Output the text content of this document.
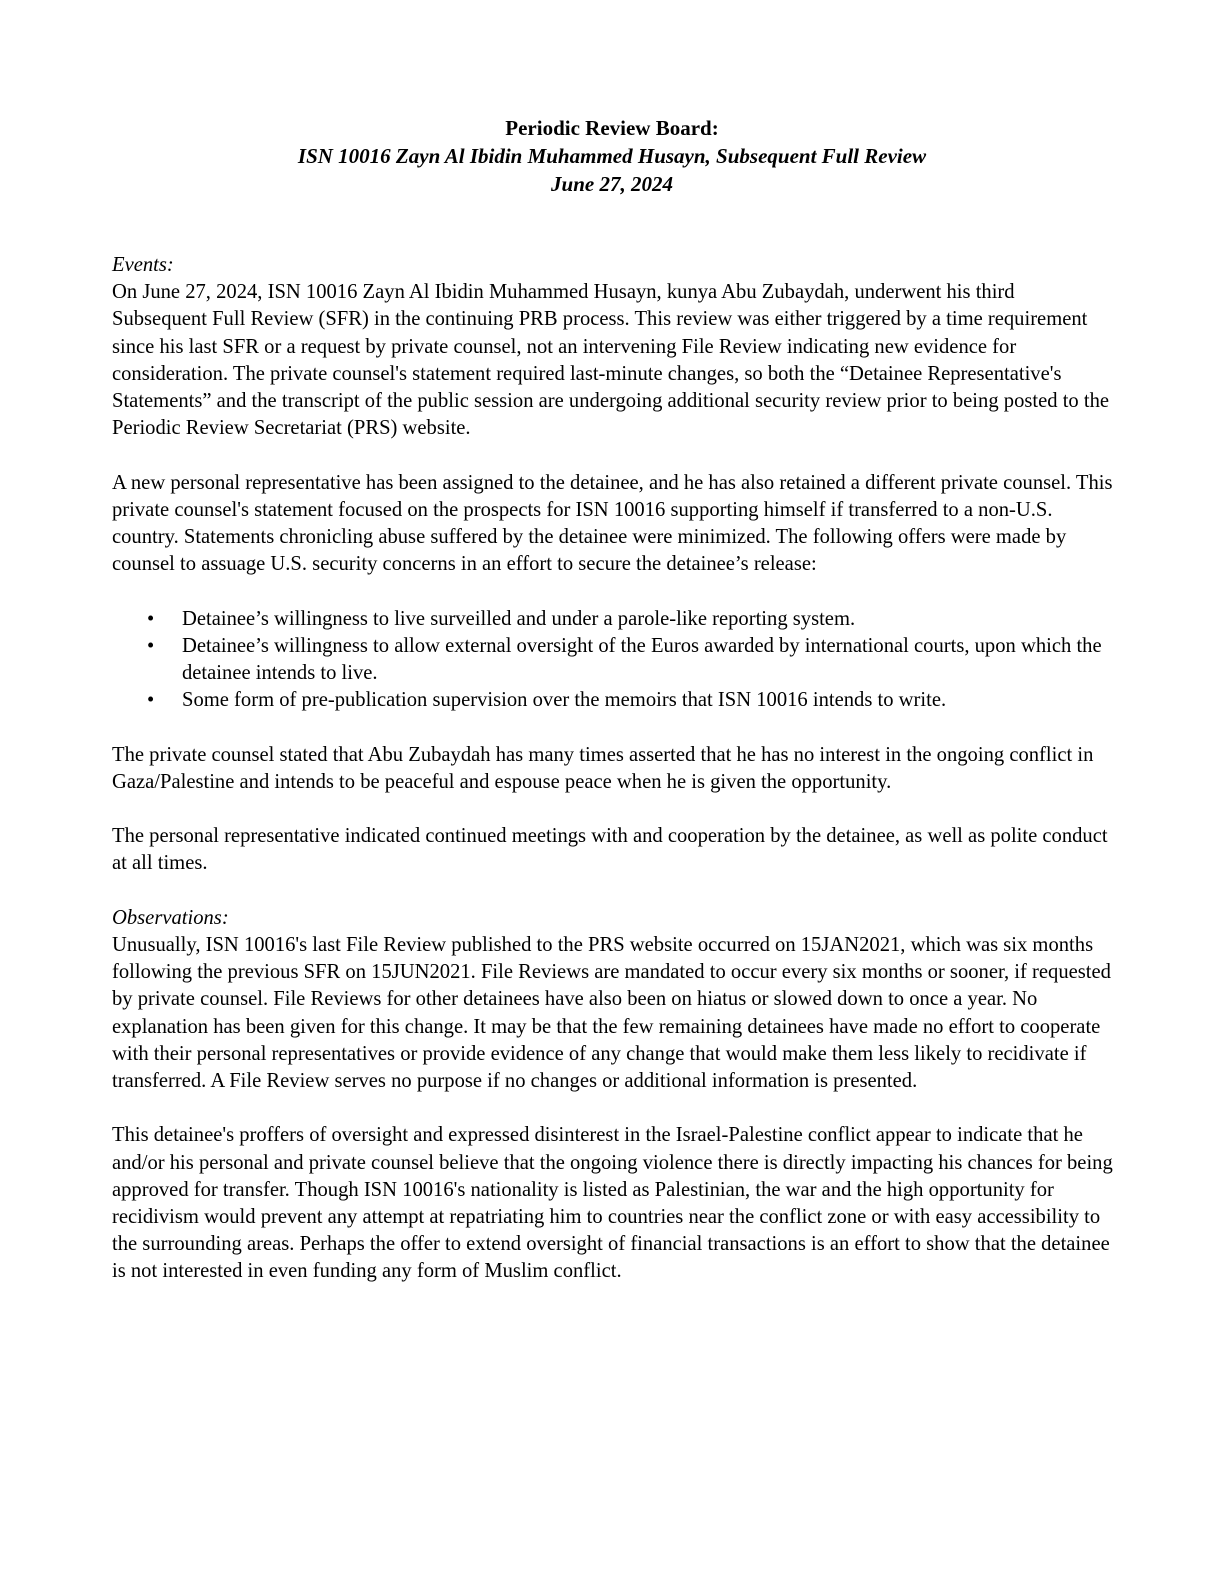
Periodic Review Board:
ISN 10016 Zayn Al Ibidin Muhammed Husayn, Subsequent Full Review
June 27, 2024
Events:

On June 27, 2024, ISN 10016 Zayn Al Ibidin Muhammed Husayn, kunya Abu Zubaydah, underwent his third Subsequent Full Review (SFR) in the continuing PRB process. This review was either triggered by a time requirement since his last SFR or a request by private counsel, not an intervening File Review indicating new evidence for consideration. The private counsel's statement required last-minute changes, so both the “Detainee Representative's Statements” and the transcript of the public session are undergoing additional security review prior to being posted to the Periodic Review Secretariat (PRS) website.

A new personal representative has been assigned to the detainee, and he has also retained a different private counsel. This private counsel's statement focused on the prospects for ISN 10016 supporting himself if transferred to a non-U.S. country. Statements chronicling abuse suffered by the detainee were minimized. The following offers were made by counsel to assuage U.S. security concerns in an effort to secure the detainee’s release:

• Detainee’s willingness to live surveilled and under a parole-like reporting system.
• Detainee’s willingness to allow external oversight of the Euros awarded by international courts, upon which the detainee intends to live.
• Some form of pre-publication supervision over the memoirs that ISN 10016 intends to write.

The private counsel stated that Abu Zubaydah has many times asserted that he has no interest in the ongoing conflict in Gaza/Palestine and intends to be peaceful and espouse peace when he is given the opportunity.

The personal representative indicated continued meetings with and cooperation by the detainee, as well as polite conduct at all times.

Observations:

Unusually, ISN 10016's last File Review published to the PRS website occurred on 15JAN2021, which was six months following the previous SFR on 15JUN2021. File Reviews are mandated to occur every six months or sooner, if requested by private counsel. File Reviews for other detainees have also been on hiatus or slowed down to once a year. No explanation has been given for this change. It may be that the few remaining detainees have made no effort to cooperate with their personal representatives or provide evidence of any change that would make them less likely to recidivate if transferred. A File Review serves no purpose if no changes or additional information is presented.

This detainee's proffers of oversight and expressed disinterest in the Israel-Palestine conflict appear to indicate that he and/or his personal and private counsel believe that the ongoing violence there is directly impacting his chances for being approved for transfer. Though ISN 10016's nationality is listed as Palestinian, the war and the high opportunity for recidivism would prevent any attempt at repatriating him to countries near the conflict zone or with easy accessibility to the surrounding areas. Perhaps the offer to extend oversight of financial transactions is an effort to show that the detainee is not interested in even funding any form of Muslim conflict.
